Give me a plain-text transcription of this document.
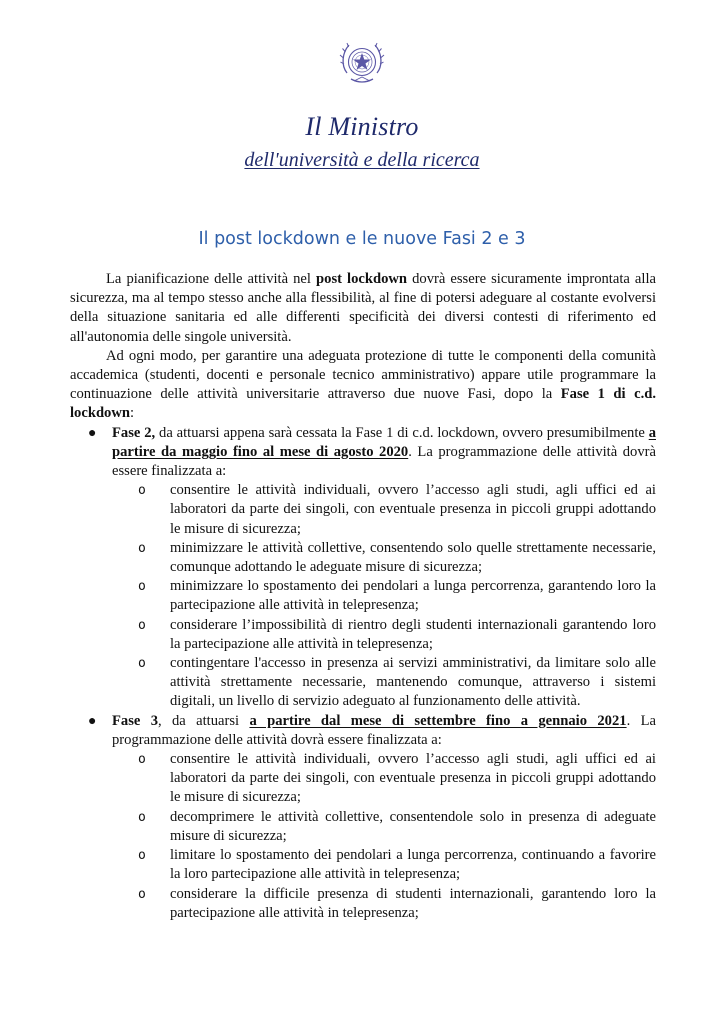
Il Ministro
dell'università e della ricerca
Il post lockdown e le nuove Fasi 2 e 3

La pianificazione delle attività nel post lockdown dovrà essere sicuramente improntata alla sicurezza, ma al tempo stesso anche alla flessibilità, al fine di potersi adeguare al costante evolversi della situazione sanitaria ed alle differenti specificità dei diversi contesti di riferimento ed all'autonomia delle singole università.

Ad ogni modo, per garantire una adeguata protezione di tutte le componenti della comunità accademica (studenti, docenti e personale tecnico amministrativo) appare utile programmare la continuazione delle attività universitarie attraverso due nuove Fasi, dopo la Fase 1 di c.d. lockdown:

● Fase 2, da attuarsi appena sarà cessata la Fase 1 di c.d. lockdown, ovvero presumibilmente a partire da maggio fino al mese di agosto 2020. La programmazione delle attività dovrà essere finalizzata a:
o consentire le attività individuali, ovvero l’accesso agli studi, agli uffici ed ai laboratori da parte dei singoli, con eventuale presenza in piccoli gruppi adottando le misure di sicurezza;
o minimizzare le attività collettive, consentendo solo quelle strettamente necessarie, comunque adottando le adeguate misure di sicurezza;
o minimizzare lo spostamento dei pendolari a lunga percorrenza, garantendo loro la partecipazione alle attività in telepresenza;
o considerare l’impossibilità di rientro degli studenti internazionali garantendo loro la partecipazione alle attività in telepresenza;
o contingentare l'accesso in presenza ai servizi amministrativi, da limitare solo alle attività strettamente necessarie, mantenendo comunque, attraverso i sistemi digitali, un livello di servizio adeguato al funzionamento delle attività.
● Fase 3, da attuarsi a partire dal mese di settembre fino a gennaio 2021. La programmazione delle attività dovrà essere finalizzata a:
o consentire le attività individuali, ovvero l’accesso agli studi, agli uffici ed ai laboratori da parte dei singoli, con eventuale presenza in piccoli gruppi adottando le misure di sicurezza;
o decomprimere le attività collettive, consentendole solo in presenza di adeguate misure di sicurezza;
o limitare lo spostamento dei pendolari a lunga percorrenza, continuando a favorire la loro partecipazione alle attività in telepresenza;
o considerare la difficile presenza di studenti internazionali, garantendo loro la partecipazione alle attività in telepresenza;
